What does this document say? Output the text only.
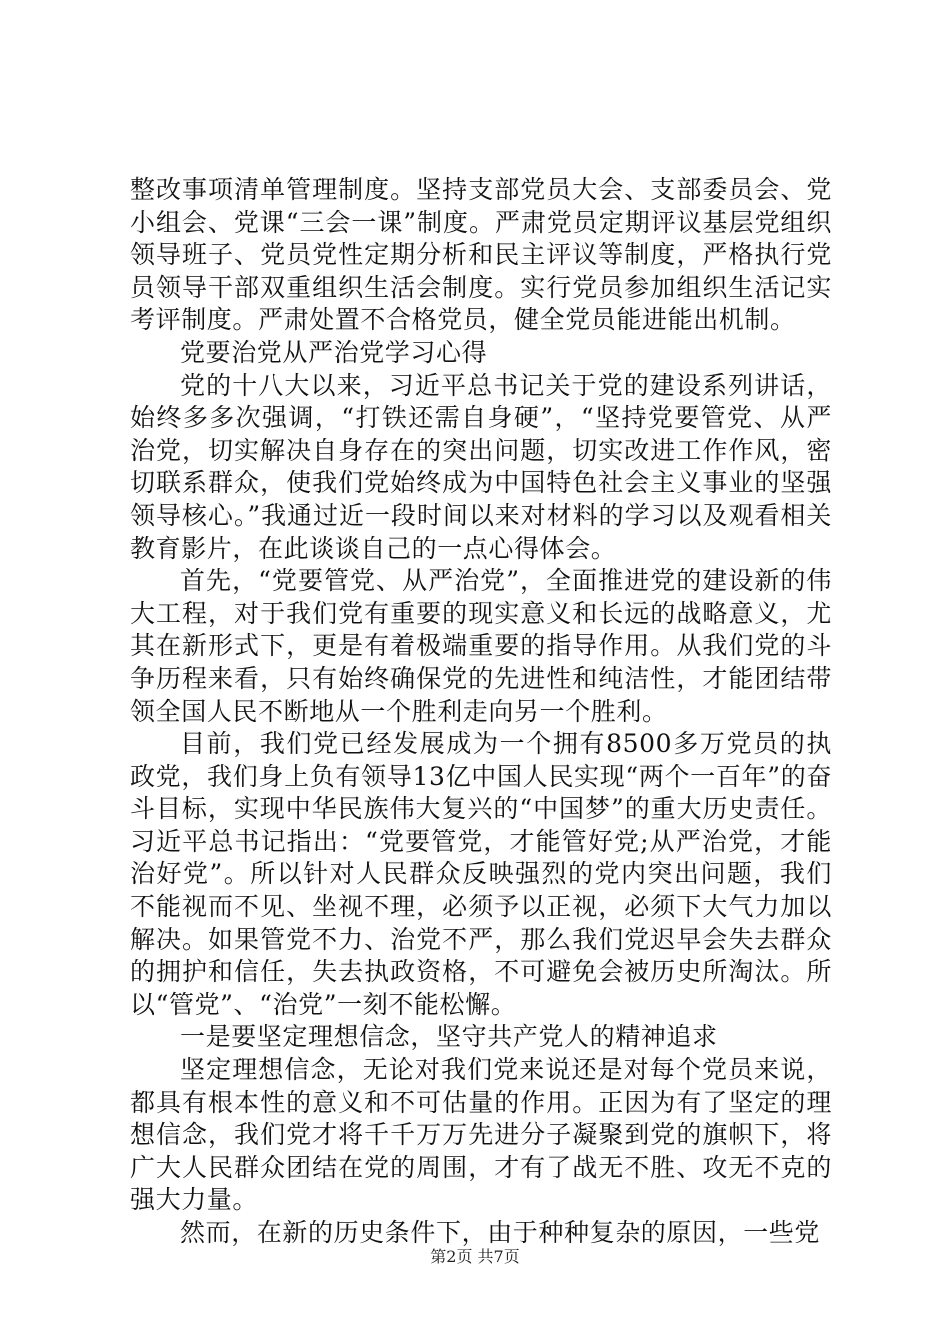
整改事项清单管理制度。坚持支部党员大会、支部委员会、党小组会、党课“三会一课”制度。严肃党员定期评议基层党组织领导班子、党员党性定期分析和民主评议等制度，严格执行党员领导干部双重组织生活会制度。实行党员参加组织生活记实考评制度。严肃处置不合格党员，健全党员能进能出机制。

党要治党从严治党学习心得

党的十八大以来，习近平总书记关于党的建设系列讲话，始终多多次强调，“打铁还需自身硬”，“坚持党要管党、从严治党，切实解决自身存在的突出问题，切实改进工作作风，密切联系群众，使我们党始终成为中国特色社会主义事业的坚强领导核心。”我通过近一段时间以来对材料的学习以及观看相关教育影片，在此谈谈自己的一点心得体会。

首先，“党要管党、从严治党”，全面推进党的建设新的伟大工程，对于我们党有重要的现实意义和长远的战略意义，尤其在新形式下，更是有着极端重要的指导作用。从我们党的斗争历程来看，只有始终确保党的先进性和纯洁性，才能团结带领全国人民不断地从一个胜利走向另一个胜利。

目前，我们党已经发展成为一个拥有8500多万党员的执政党，我们身上负有领导13亿中国人民实现“两个一百年”的奋斗目标，实现中华民族伟大复兴的“中国梦”的重大历史责任。习近平总书记指出：“党要管党，才能管好党;从严治党，才能治好党”。所以针对人民群众反映强烈的党内突出问题，我们不能视而不见、坐视不理，必须予以正视，必须下大气力加以解决。如果管党不力、治党不严，那么我们党迟早会失去群众的拥护和信任，失去执政资格，不可避免会被历史所淘汰。所以“管党”、“治党”一刻不能松懈。

一是要坚定理想信念，坚守共产党人的精神追求

坚定理想信念，无论对我们党来说还是对每个党员来说，都具有根本性的意义和不可估量的作用。正因为有了坚定的理想信念，我们党才将千千万万先进分子凝聚到党的旗帜下，将广大人民群众团结在党的周围，才有了战无不胜、攻无不克的强大力量。

然而，在新的历史条件下，由于种种复杂的原因，一些党

第2页 共7页
